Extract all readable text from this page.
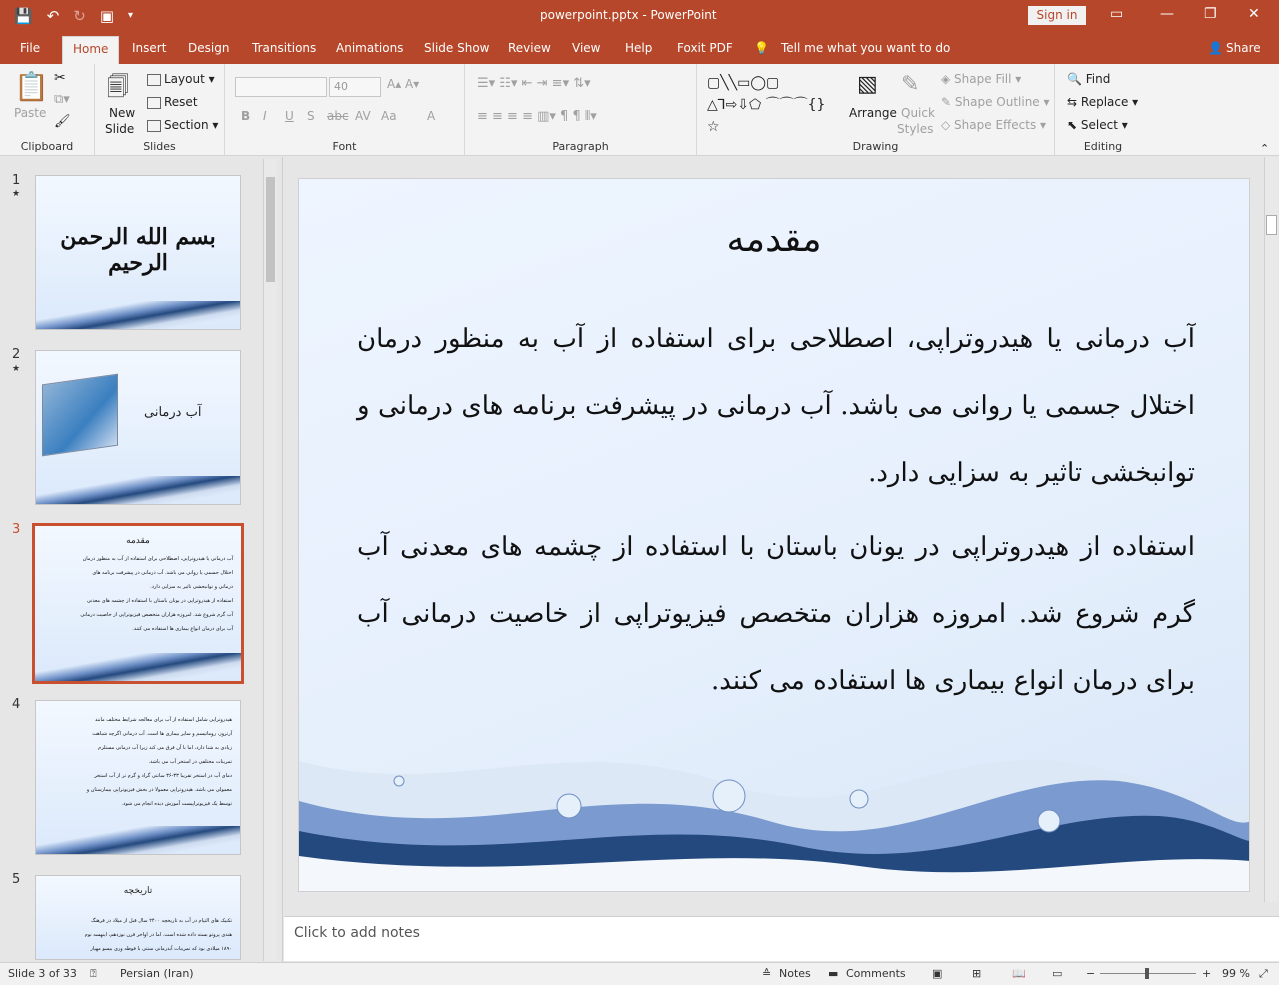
💾 ↶ ↻ ▣ ▾	powerpoint.pptx - PowerPoint	Sign in	▭	— ❐ ✕
File	Home	Insert Design Transitions Animations Slide Show Review View Help Foxit PDF 💡 Tell me what you want to do	👤 Share
📋
Paste
✂
⧉▾
🖌
Clipboard
🗐
New
Slide
Layout ▾
Reset
Section ▾
Slides
40	A▴ A▾
B I U S abc AV Aa	A
Font
☰▾ ☷▾ ⇤ ⇥ ≡▾ ⇅▾
≡ ≡ ≡ ≡ ▥▾ ¶ ¶ ⫴▾
Paragraph
▢╲╲▭◯▢ △⅂⇨⇩⬠ ⌒⌒⌒{}☆
▧
Arrange
✎
Quick
Styles
◈ Shape Fill ▾
✎ Shape Outline ▾
◇ Shape Effects ▾
Drawing
🔍 Find
⇆ Replace ▾
⬉ Select ▾
Editing	⌃
1
★
بسم الله الرحمن الرحیم
2
★
آب درمانی
3
مقدمه
آب درمانی یا هیدروتراپی، اصطلاحی برای استفاده از آب به منظور درمان
اختلال جسمی یا روانی می باشد. آب درمانی در پیشرفت برنامه های
درمانی و توانبخشی تاثیر به سزایی دارد.
استفاده از هیدروتراپی در یونان باستان با استفاده از چشمه های معدنی
آب گرم شروع شد. امروزه هزاران متخصص فیزیوتراپی از خاصیت درمانی
آب برای درمان انواع بیماری ها استفاده می کنند.
4
هیدروتراپی شامل استفاده از آب برای معالجه شرایط مختلف مانند
آرتروز، روماتیسم و سایر بیماری ها است. آب درمانی اگرچه شباهت
زیادی به شنا دارد، اما با آن فرق می کند زیرا آب درمانی مستلزم
تمرینات مختلفی در استخر آب می باشد.
دمای آب در استخر تقریبا ۳۳-۳۶ سانتی گراد و گرم تر از آب استخر
معمولی می باشد. هیدروتراپی معمولا در بخش فیزیوتراپی بیمارستان و
توسط یک فیزیوتراپیست آموزش دیده انجام می شود.
5
تاریخچه
تکنیک های التیام در آب به تاریخچه ۲۴۰۰ سال قبل از میلاد در فرهنگ
هندی پروتو بسته داده شده است. اما در اواخر قرن نوزدهم، اینهسه نوم
۱۸۹۰ میلادی بود که تمرینات آبدرمانی سنتی با فوطه وری بیسو مهیار
مقدمه
آب درمانی یا هیدروتراپی، اصطلاحی برای استفاده از آب به منظور درمان اختلال جسمی یا روانی می باشد. آب درمانی در پیشرفت برنامه های درمانی و توانبخشی تاثیر به سزایی دارد.
استفاده از هیدروتراپی در یونان باستان با استفاده از چشمه های معدنی آب گرم شروع شد. امروزه هزاران متخصص فیزیوتراپی از خاصیت درمانی آب برای درمان انواع بیماری ها استفاده می کنند.
Click to add notes
Slide 3 of 33 ⍰ Persian (Iran)	≙ Notes ▬ Comments ▣	⊞	📖 ▭ −	+ 99 % ⤢
